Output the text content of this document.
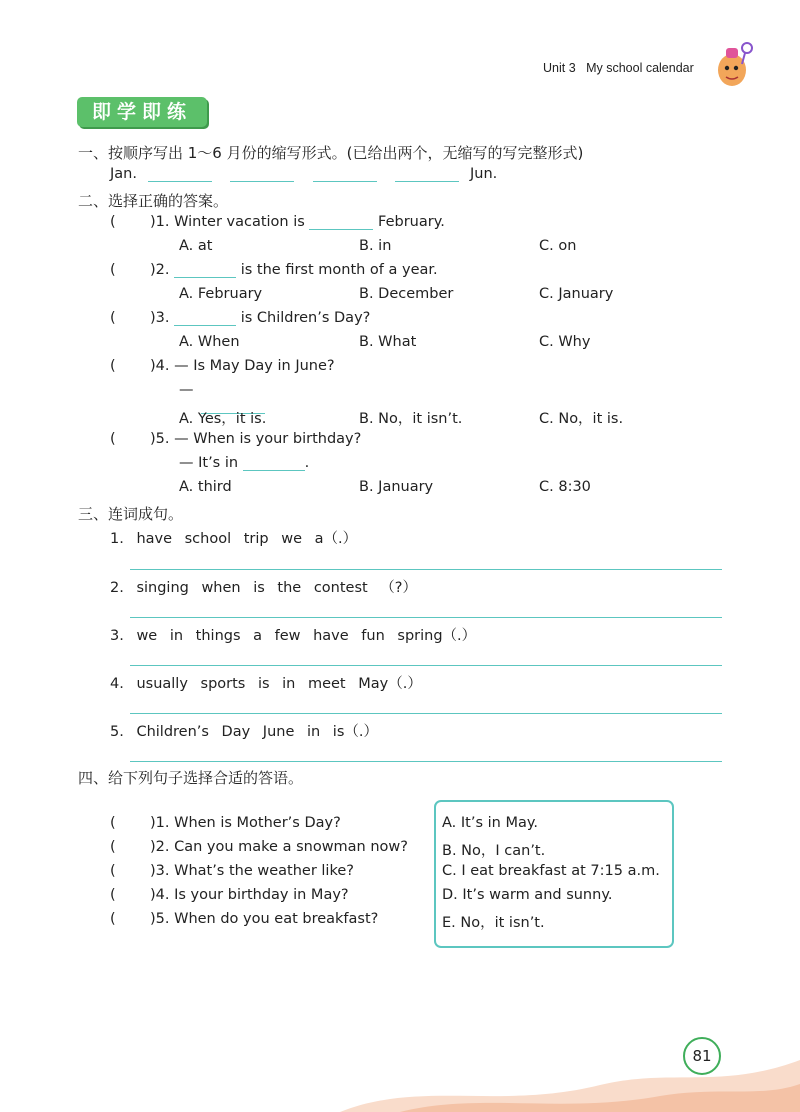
Unit 3 My school calendar
即学即练
一、按顺序写出 1～6 月份的缩写形式。(已给出两个，无缩写的写完整形式)
Jan.	Jun.
二、选择正确的答案。
( )1. Winter vacation is	February.
A. at	B. in	C. on
( )2.	is the first month of a year.
A. February	B. December	C. January
( )3.	is Children’s Day?
A. When	B. What	C. Why
( )4. — Is May Day in June?
—

A. Yes，it is.	B. No，it isn’t.	C. No，it is.
( )5. — When is your birthday?
— It’s in	.
A. third	B. January	C. 8:30
三、连词成句。
1. have school trip we a（.）
2. singing when is the contest （?）
3. we in things a few have fun spring（.）
4. usually sports is in meet May（.）
5. Children’s Day June in is（.）
四、给下列句子选择合适的答语。
( )1. When is Mother’s Day?
( )2. Can you make a snowman now?
( )3. What’s the weather like?
( )4. Is your birthday in May?
( )5. When do you eat breakfast?
A. It’s in May.
B. No，I can’t.
C. I eat breakfast at 7:15 a.m.
D. It’s warm and sunny.
E. No，it isn’t.
81
